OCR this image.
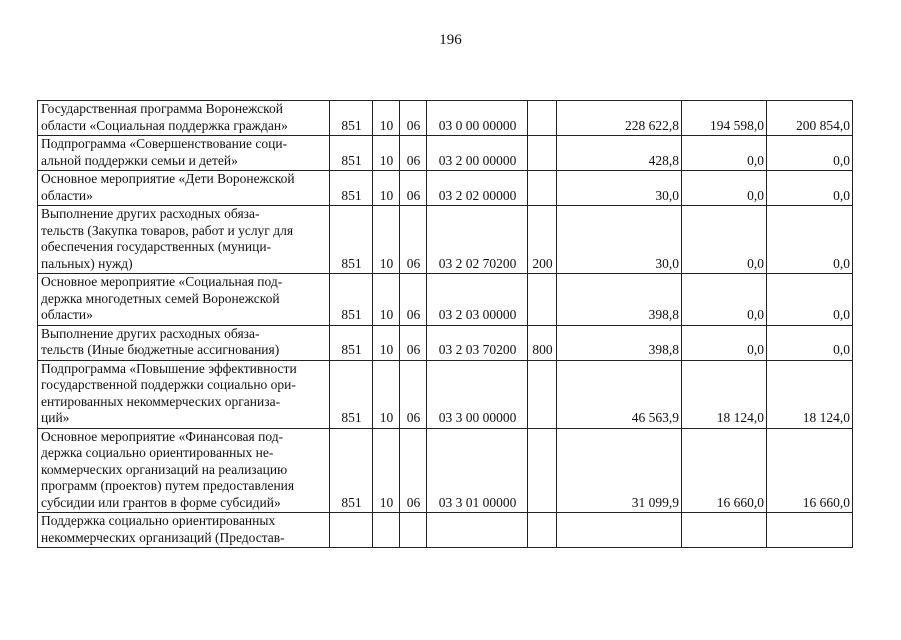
196
Государственная программа Воронежской
области «Социальная поддержка граждан»	851	10	06	03 0 00 00000		228 622,8	194 598,0	200 854,0
Подпрограмма «Совершенствование соци-
альной поддержки семьи и детей»	851	10	06	03 2 00 00000		428,8	0,0	0,0
Основное мероприятие «Дети Воронежской
области»	851	10	06	03 2 02 00000		30,0	0,0	0,0
Выполнение других расходных обяза-
тельств (Закупка товаров, работ и услуг для
обеспечения государственных (муници-
пальных) нужд)	851	10	06	03 2 02 70200	200	30,0	0,0	0,0
Основное мероприятие «Социальная под-
держка многодетных семей Воронежской
области»	851	10	06	03 2 03 00000		398,8	0,0	0,0
Выполнение других расходных обяза-
тельств (Иные бюджетные ассигнования)	851	10	06	03 2 03 70200	800	398,8	0,0	0,0
Подпрограмма «Повышение эффективности
государственной поддержки социально ори-
ентированных некоммерческих организа-
ций»	851	10	06	03 3 00 00000		46 563,9	18 124,0	18 124,0
Основное мероприятие «Финансовая под-
держка социально ориентированных не-
коммерческих организаций на реализацию
программ (проектов) путем предоставления
субсидии или грантов в форме субсидий»	851	10	06	03 3 01 00000		31 099,9	16 660,0	16 660,0
Поддержка социально ориентированных
некоммерческих организаций (Предостав-								
